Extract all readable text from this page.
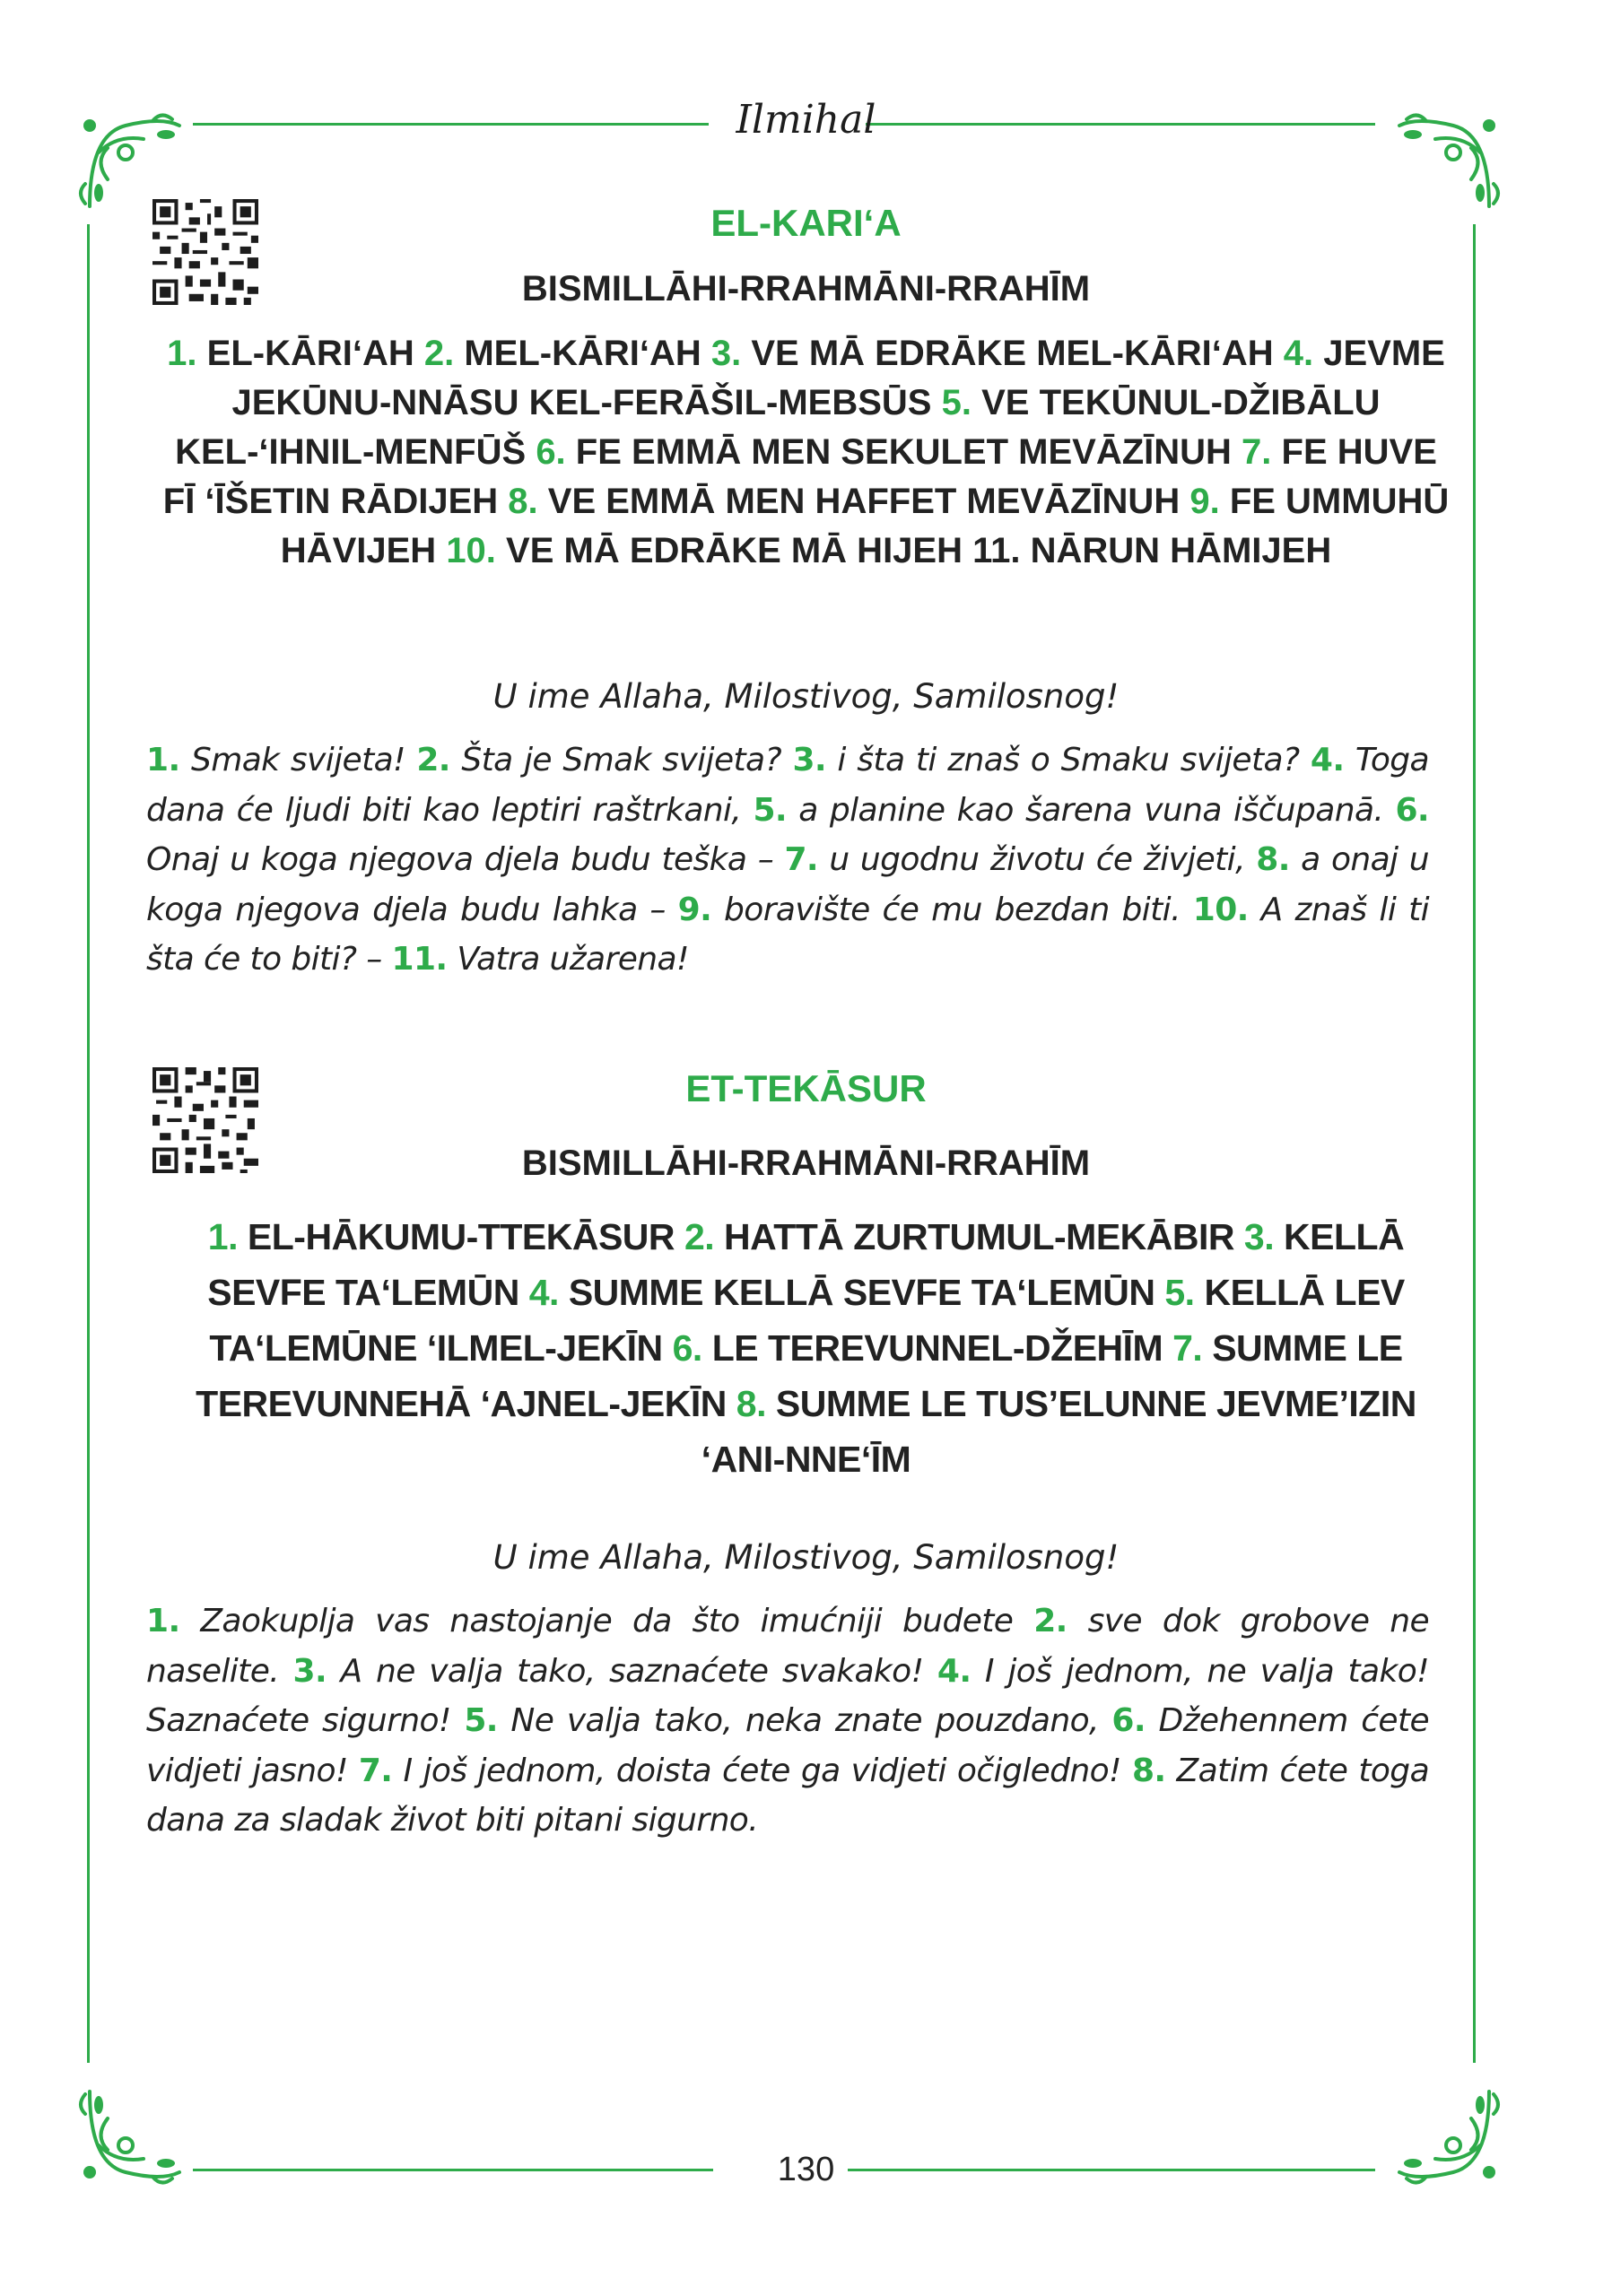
Ilmihal
EL-KARI‘A
BISMILLĀHI-RRAHMĀNI-RRAHĪM
1. EL-KĀRI‘AH 2. MEL-KĀRI‘AH 3. VE MĀ EDRĀKE MEL-KĀRI‘AH 4. JEVME JEKŪNU-NNĀSU KEL-FERĀŠIL-MEBSŪS 5. VE TEKŪNUL-DŽIBĀLU KEL-‘IHNIL-MENFŪŠ 6. FE EMMĀ MEN SEKULET MEVĀZĪNUH 7. FE HUVE FĪ ‘ĪŠETIN RĀDIJEH 8. VE EMMĀ MEN HAFFET MEVĀZĪNUH 9. FE UMMUHŪ HĀVIJEH 10. VE MĀ EDRĀKE MĀ HIJEH 11. NĀRUN HĀMIJEH
U ime Allaha, Milostivog, Samilosnog!
1. Smak svijeta! 2. Šta je Smak svijeta? 3. i šta ti znaš o Smaku svijeta? 4. Toga dana će ljudi biti kao leptiri raštrkani, 5. a planine kao šarena vuna iščupanā. 6. Onaj u koga njegova djela budu teška – 7. u ugodnu životu će živjeti, 8. a onaj u koga njegova djela budu lahka – 9. boravište će mu bezdan biti. 10. A znaš li ti šta će to biti? – 11. Vatra užarena!
ET-TEKĀSUR
BISMILLĀHI-RRAHMĀNI-RRAHĪM
1. EL-HĀKUMU-TTEKĀSUR 2. HATTĀ ZURTUMUL-MEKĀBIR 3. KELLĀ SEVFE TA‘LEMŪN 4. SUMME KELLĀ SEVFE TA‘LEMŪN 5. KELLĀ LEV TA‘LEMŪNE ‘ILMEL-JEKĪN 6. LE TEREVUNNEL-DŽEHĪM 7. SUMME LE TEREVUNNEHĀ ‘AJNEL-JEKĪN 8. SUMME LE TUS’ELUNNE JEVME’IZIN ‘ANI-NNE‘ĪM
U ime Allaha, Milostivog, Samilosnog!
1. Zaokuplja vas nastojanje da što imućniji budete 2. sve dok grobove ne naselite. 3. A ne valja tako, saznaćete svakako! 4. I još jednom, ne valja tako! Saznaćete sigurno! 5. Ne valja tako, neka znate pouzdano, 6. Džehennem ćete vidjeti jasno! 7. I još jednom, doista ćete ga vidjeti očigledno! 8. Zatim ćete toga dana za sladak život biti pitani sigurno.
130
